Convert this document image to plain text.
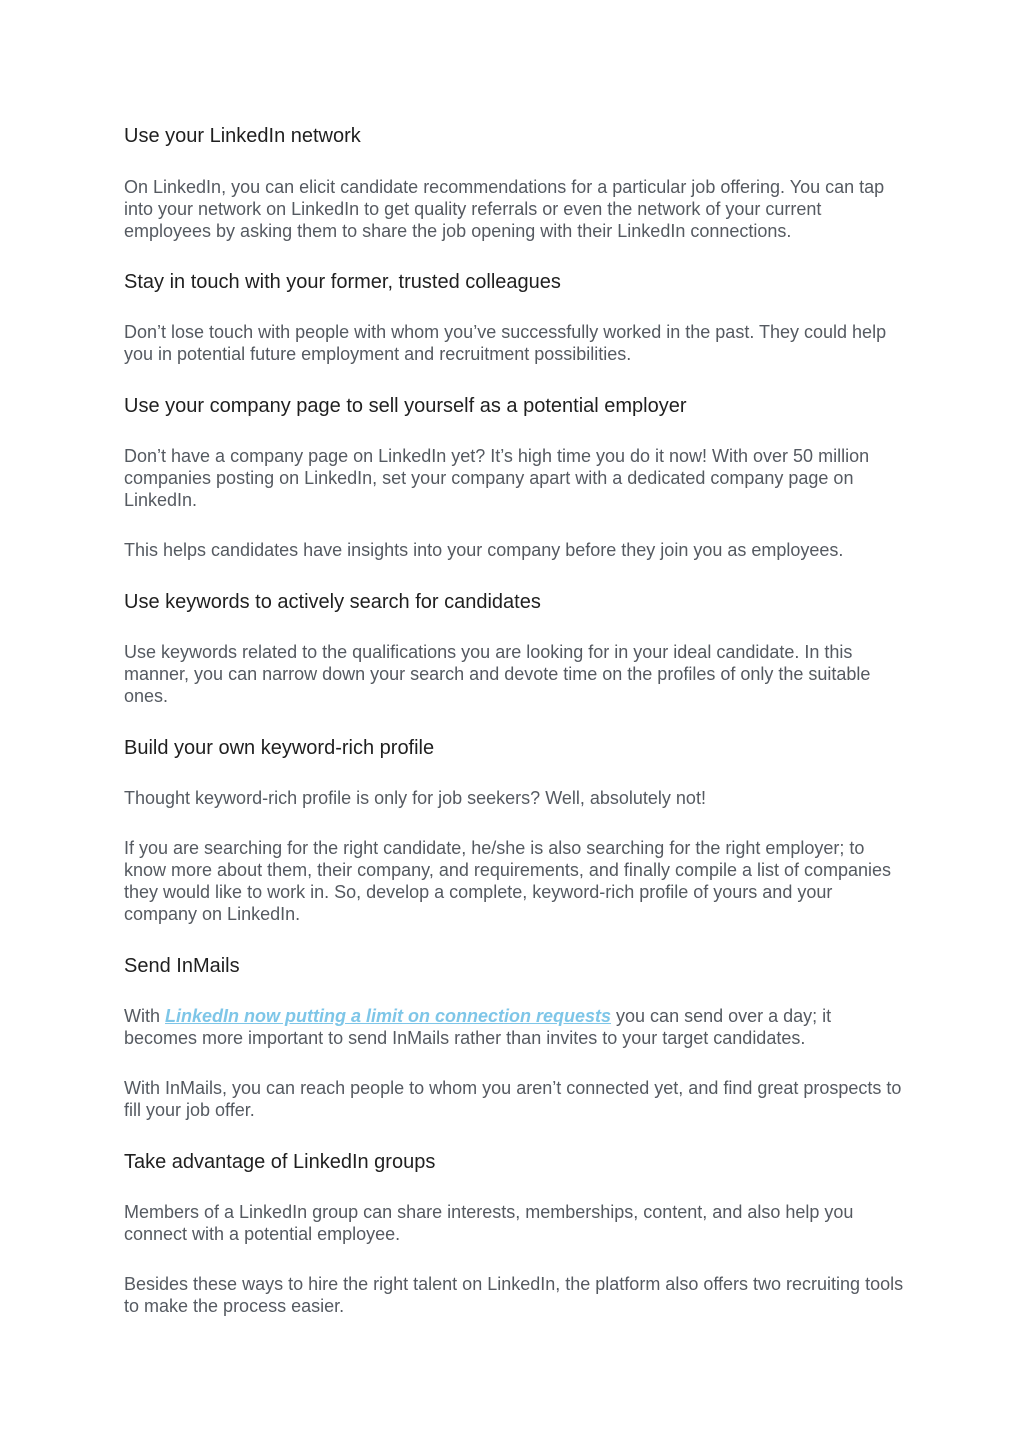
Use your LinkedIn network

On LinkedIn, you can elicit candidate recommendations for a particular job offering. You can tap into your network on LinkedIn to get quality referrals or even the network of your current employees by asking them to share the job opening with their LinkedIn connections.

Stay in touch with your former, trusted colleagues

Don’t lose touch with people with whom you’ve successfully worked in the past. They could help you in potential future employment and recruitment possibilities.

Use your company page to sell yourself as a potential employer

Don’t have a company page on LinkedIn yet? It’s high time you do it now! With over 50 million companies posting on LinkedIn, set your company apart with a dedicated company page on LinkedIn.

This helps candidates have insights into your company before they join you as employees.

Use keywords to actively search for candidates

Use keywords related to the qualifications you are looking for in your ideal candidate. In this manner, you can narrow down your search and devote time on the profiles of only the suitable ones.

Build your own keyword-rich profile

Thought keyword-rich profile is only for job seekers? Well, absolutely not!

If you are searching for the right candidate, he/she is also searching for the right employer; to know more about them, their company, and requirements, and finally compile a list of companies they would like to work in. So, develop a complete, keyword-rich profile of yours and your company on LinkedIn.

Send InMails

With LinkedIn now putting a limit on connection requests you can send over a day; it becomes more important to send InMails rather than invites to your target candidates.

With InMails, you can reach people to whom you aren’t connected yet, and find great prospects to fill your job offer.

Take advantage of LinkedIn groups

Members of a LinkedIn group can share interests, memberships, content, and also help you connect with a potential employee.

Besides these ways to hire the right talent on LinkedIn, the platform also offers two recruiting tools to make the process easier.
